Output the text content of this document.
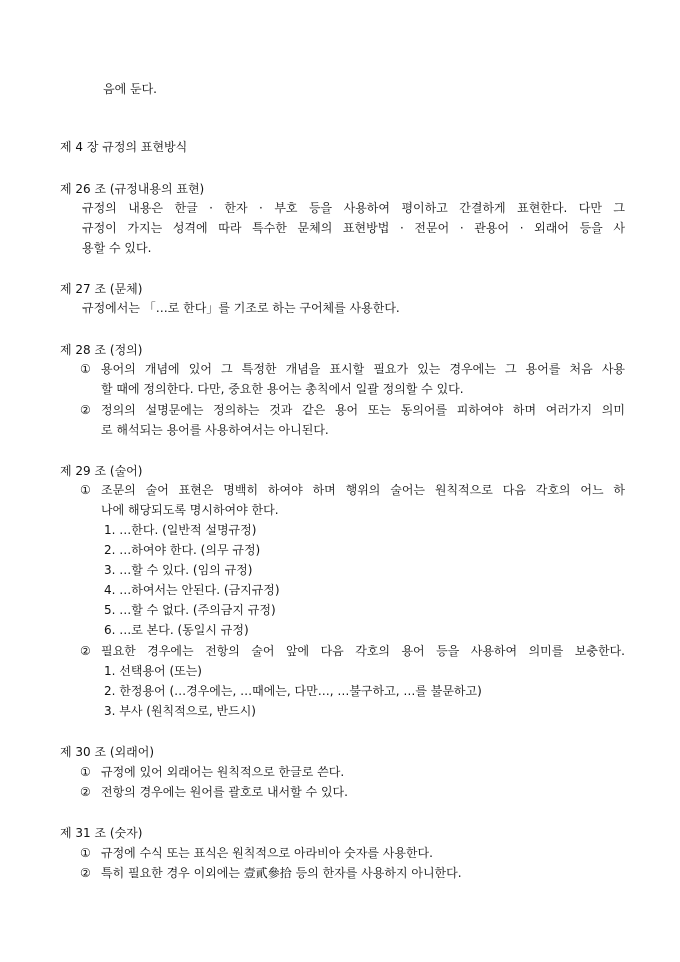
음에 둔다.
제 4 장 규정의 표현방식
제 26 조 (규정내용의 표현)
규정의 내용은 한글 · 한자 · 부호 등을 사용하여 평이하고 간결하게 표현한다. 다만 그
규정이 가지는 성격에 따라 특수한 문체의 표현방법 · 전문어 · 관용어 · 외래어 등을 사
용할 수 있다.
제 27 조 (문체)
규정에서는 「…로 한다」를 기조로 하는 구어체를 사용한다.
제 28 조 (정의)
① 용어의 개념에 있어 그 특정한 개념을 표시할 필요가 있는 경우에는 그 용어를 처음 사용
할 때에 정의한다. 다만, 중요한 용어는 총칙에서 일괄 정의할 수 있다.
② 정의의 설명문에는 정의하는 것과 같은 용어 또는 동의어를 피하여야 하며 여러가지 의미
로 해석되는 용어를 사용하여서는 아니된다.
제 29 조 (술어)
① 조문의 술어 표현은 명백히 하여야 하며 행위의 술어는 원칙적으로 다음 각호의 어느 하
나에 해당되도록 명시하여야 한다.
1. …한다. (일반적 설명규정)
2. …하여야 한다. (의무 규정)
3. …할 수 있다. (임의 규정)
4. …하여서는 안된다. (금지규정)
5. …할 수 없다. (주의금지 규정)
6. …로 본다. (동일시 규정)
② 필요한 경우에는 전항의 술어 앞에 다음 각호의 용어 등을 사용하여 의미를 보충한다.
1. 선택용어 (또는)
2. 한정용어 (…경우에는, …때에는, 다만…, …불구하고, …를 불문하고)
3. 부사 (원칙적으로, 반드시)
제 30 조 (외래어)
① 규정에 있어 외래어는 원칙적으로 한글로 쓴다.
② 전항의 경우에는 원어를 괄호로 내서할 수 있다.
제 31 조 (숫자)
① 규정에 수식 또는 표식은 원칙적으로 아라비아 숫자를 사용한다.
② 특히 필요한 경우 이외에는 壹貳參拾 등의 한자를 사용하지 아니한다.
